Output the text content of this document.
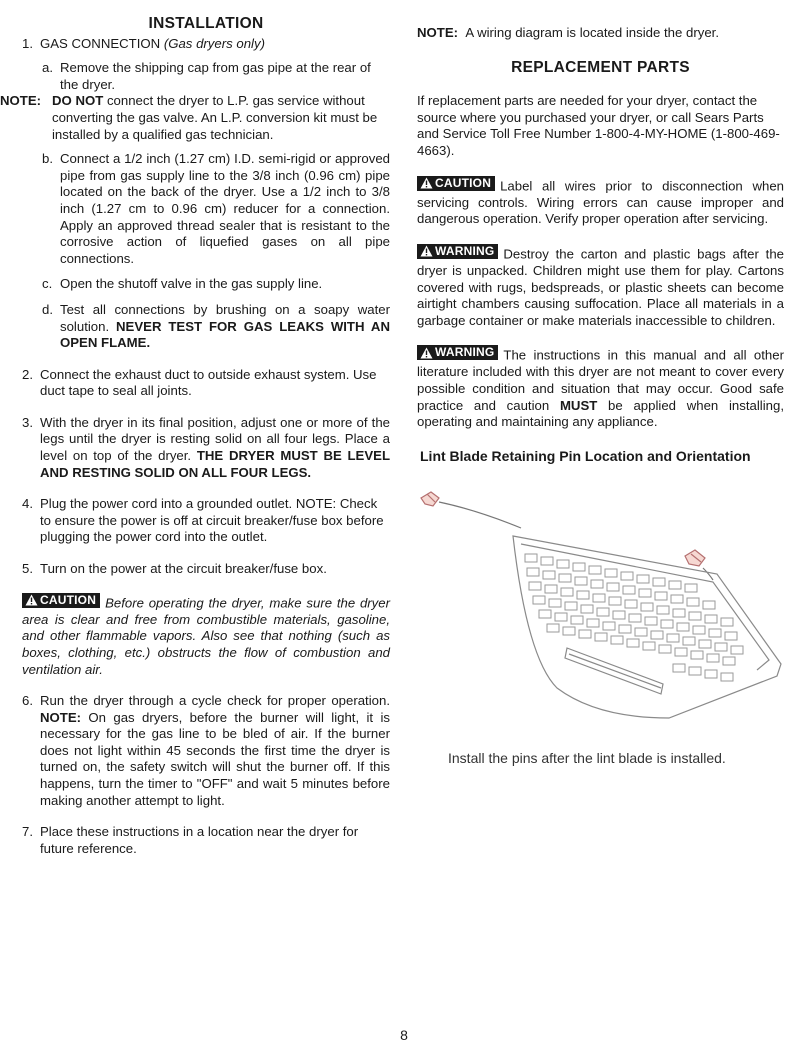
INSTALLATION
1. GAS CONNECTION (Gas dryers only)
a. Remove the shipping cap from gas pipe at the rear of the dryer.
NOTE: DO NOT connect the dryer to L.P. gas service without converting the gas valve. An L.P. conversion kit must be installed by a qualified gas technician.
b. Connect a 1/2 inch (1.27 cm) I.D. semi-rigid or approved pipe from gas supply line to the 3/8 inch (0.96 cm) pipe located on the back of the dryer. Use a 1/2 inch to 3/8 inch (1.27 cm to 0.96 cm) reducer for a connection. Apply an approved thread sealer that is resistant to the corrosive action of liquefied gases on all pipe connections.
c. Open the shutoff valve in the gas supply line.
d. Test all connections by brushing on a soapy water solution. NEVER TEST FOR GAS LEAKS WITH AN OPEN FLAME.
2. Connect the exhaust duct to outside exhaust system. Use duct tape to seal all joints.
3. With the dryer in its final position, adjust one or more of the legs until the dryer is resting solid on all four legs. Place a level on top of the dryer. THE DRYER MUST BE LEVEL AND RESTING SOLID ON ALL FOUR LEGS.
4. Plug the power cord into a grounded outlet. NOTE: Check to ensure the power is off at circuit breaker/fuse box before plugging the power cord into the outlet.
5. Turn on the power at the circuit breaker/fuse box.
CAUTION Before operating the dryer, make sure the dryer area is clear and free from combustible materials, gasoline, and other flammable vapors. Also see that nothing (such as boxes, clothing, etc.) obstructs the flow of combustion and ventilation air.
6. Run the dryer through a cycle check for proper operation. NOTE: On gas dryers, before the burner will light, it is necessary for the gas line to be bled of air. If the burner does not light within 45 seconds the first time the dryer is turned on, the safety switch will shut the burner off. If this happens, turn the timer to "OFF" and wait 5 minutes before making another attempt to light.
7. Place these instructions in a location near the dryer for future reference.
NOTE: A wiring diagram is located inside the dryer.
REPLACEMENT PARTS
If replacement parts are needed for your dryer, contact the source where you purchased your dryer, or call Sears Parts and Service Toll Free Number 1-800-4-MY-HOME (1-800-469-4663).
CAUTION Label all wires prior to disconnection when servicing controls. Wiring errors can cause improper and dangerous operation. Verify proper operation after servicing.
WARNING Destroy the carton and plastic bags after the dryer is unpacked. Children might use them for play. Cartons covered with rugs, bedspreads, or plastic sheets can become airtight chambers causing suffocation. Place all materials in a garbage container or make materials inaccessible to children.
WARNING The instructions in this manual and all other literature included with this dryer are not meant to cover every possible condition and situation that may occur. Good safe practice and caution MUST be applied when installing, operating and maintaining any appliance.
Lint Blade Retaining Pin Location and Orientation
Install the pins after the lint blade is installed.
8
